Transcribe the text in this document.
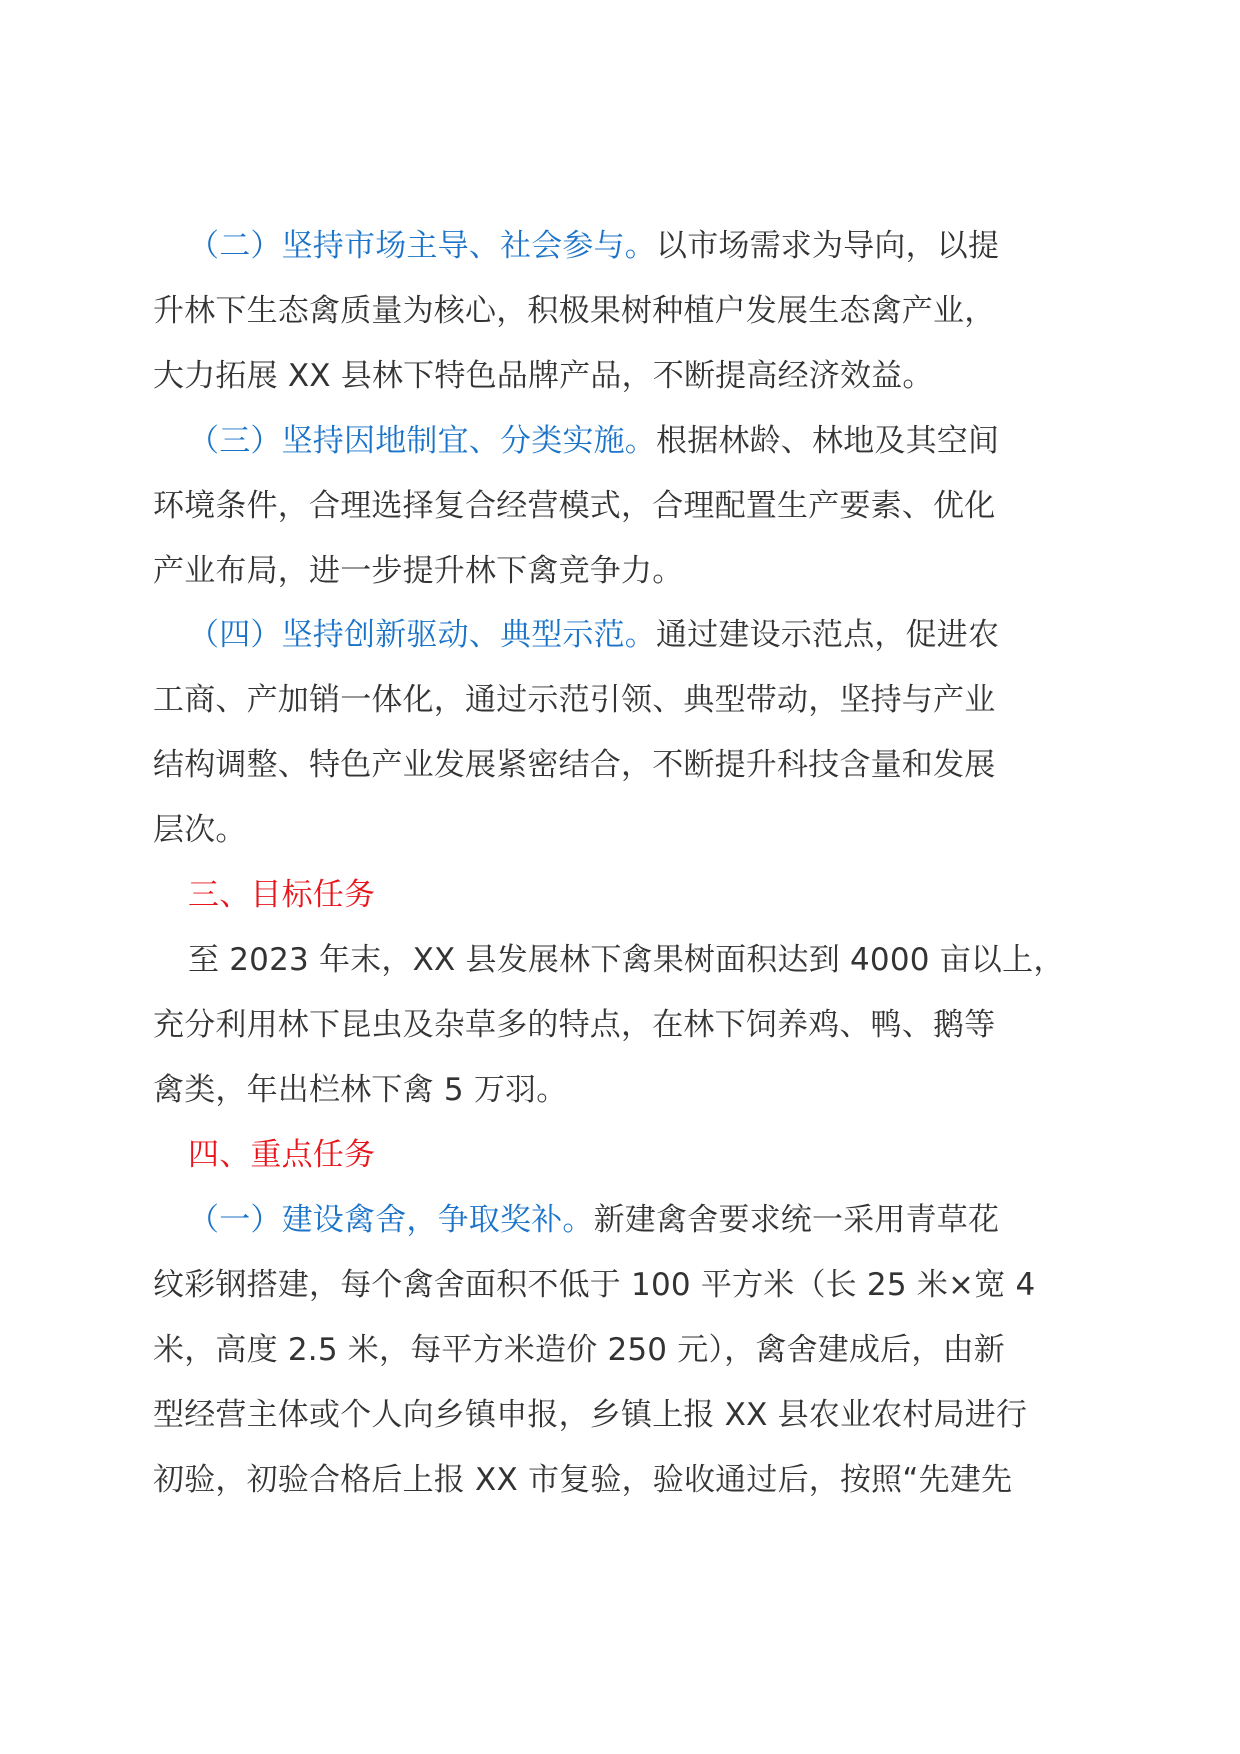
（二）坚持市场主导、社会参与。以市场需求为导向，以提
升林下生态禽质量为核心，积极果树种植户发展生态禽产业，
大力拓展 XX 县林下特色品牌产品，不断提高经济效益。
（三）坚持因地制宜、分类实施。根据林龄、林地及其空间
环境条件，合理选择复合经营模式，合理配置生产要素、优化
产业布局，进一步提升林下禽竞争力。
（四）坚持创新驱动、典型示范。通过建设示范点，促进农
工商、产加销一体化，通过示范引领、典型带动，坚持与产业
结构调整、特色产业发展紧密结合，不断提升科技含量和发展
层次。
三、目标任务
至 2023 年末，XX 县发展林下禽果树面积达到 4000 亩以上，
充分利用林下昆虫及杂草多的特点，在林下饲养鸡、鸭、鹅等
禽类，年出栏林下禽 5 万羽。
四、重点任务
（一）建设禽舍，争取奖补。新建禽舍要求统一采用青草花
纹彩钢搭建，每个禽舍面积不低于 100 平方米（长 25 米×宽 4
米，高度 2.5 米，每平方米造价 250 元），禽舍建成后，由新
型经营主体或个人向乡镇申报，乡镇上报 XX 县农业农村局进行
初验，初验合格后上报 XX 市复验，验收通过后，按照“先建先
